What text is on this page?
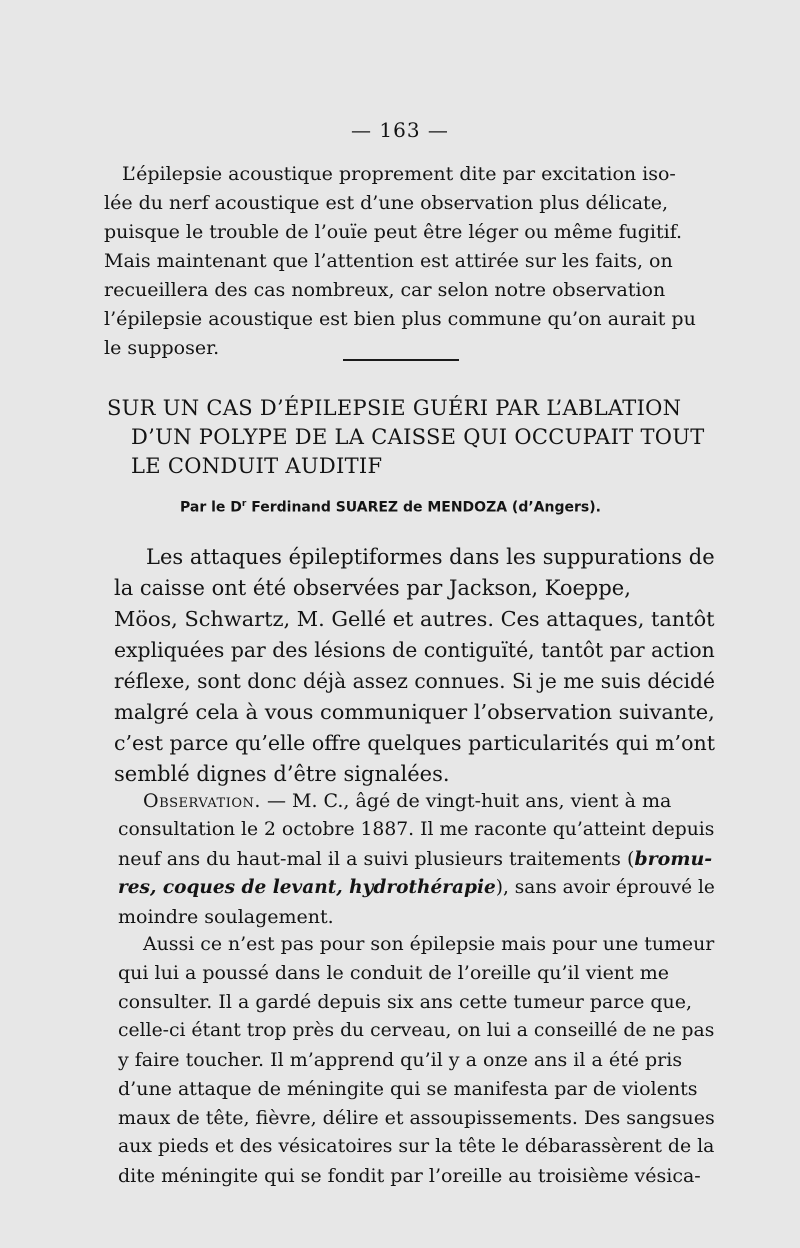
— 163 —
L’épilepsie acoustique proprement dite par excitation iso-
lée du nerf acoustique est d’une observation plus délicate,
puisque le trouble de l’ouïe peut être léger ou même fugitif.
Mais maintenant que l’attention est attirée sur les faits, on
recueillera des cas nombreux, car selon notre observation
l’épilepsie acoustique est bien plus commune qu’on aurait pu
le supposer.
SUR UN CAS D’ÉPILEPSIE GUÉRI PAR L’ABLATION
D’UN POLYPE DE LA CAISSE QUI OCCUPAIT TOUT
LE CONDUIT AUDITIF
Par le $D^r$ Ferdinand SUAREZ de MENDOZA (d’Angers).
Les attaques épileptiformes dans les suppurations de
la caisse ont été observées par Jackson, Koeppe,
Möos, Schwartz, M. Gellé et autres. Ces attaques, tantôt
expliquées par des lésions de contiguïté, tantôt par action
réflexe, sont donc déjà assez connues. Si je me suis décidé
malgré cela à vous communiquer l’observation suivante,
c’est parce qu’elle offre quelques particularités qui m’ont
semblé dignes d’être signalées.
Observation. — M. C., âgé de vingt-huit ans, vient à ma
consultation le 2 octobre 1887. Il me raconte qu’atteint depuis
neuf ans du haut-mal il a suivi plusieurs traitements (bromu-
res, coques de levant, hydrothérapie), sans avoir éprouvé le
moindre soulagement.
Aussi ce n’est pas pour son épilepsie mais pour une tumeur
qui lui a poussé dans le conduit de l’oreille qu’il vient me
consulter. Il a gardé depuis six ans cette tumeur parce que,
celle-ci étant trop près du cerveau, on lui a conseillé de ne pas
y faire toucher. Il m’apprend qu’il y a onze ans il a été pris
d’une attaque de méningite qui se manifesta par de violents
maux de tête, fièvre, délire et assoupissements. Des sangsues
aux pieds et des vésicatoires sur la tête le débarassèrent de la
dite méningite qui se fondit par l’oreille au troisième vésica-
